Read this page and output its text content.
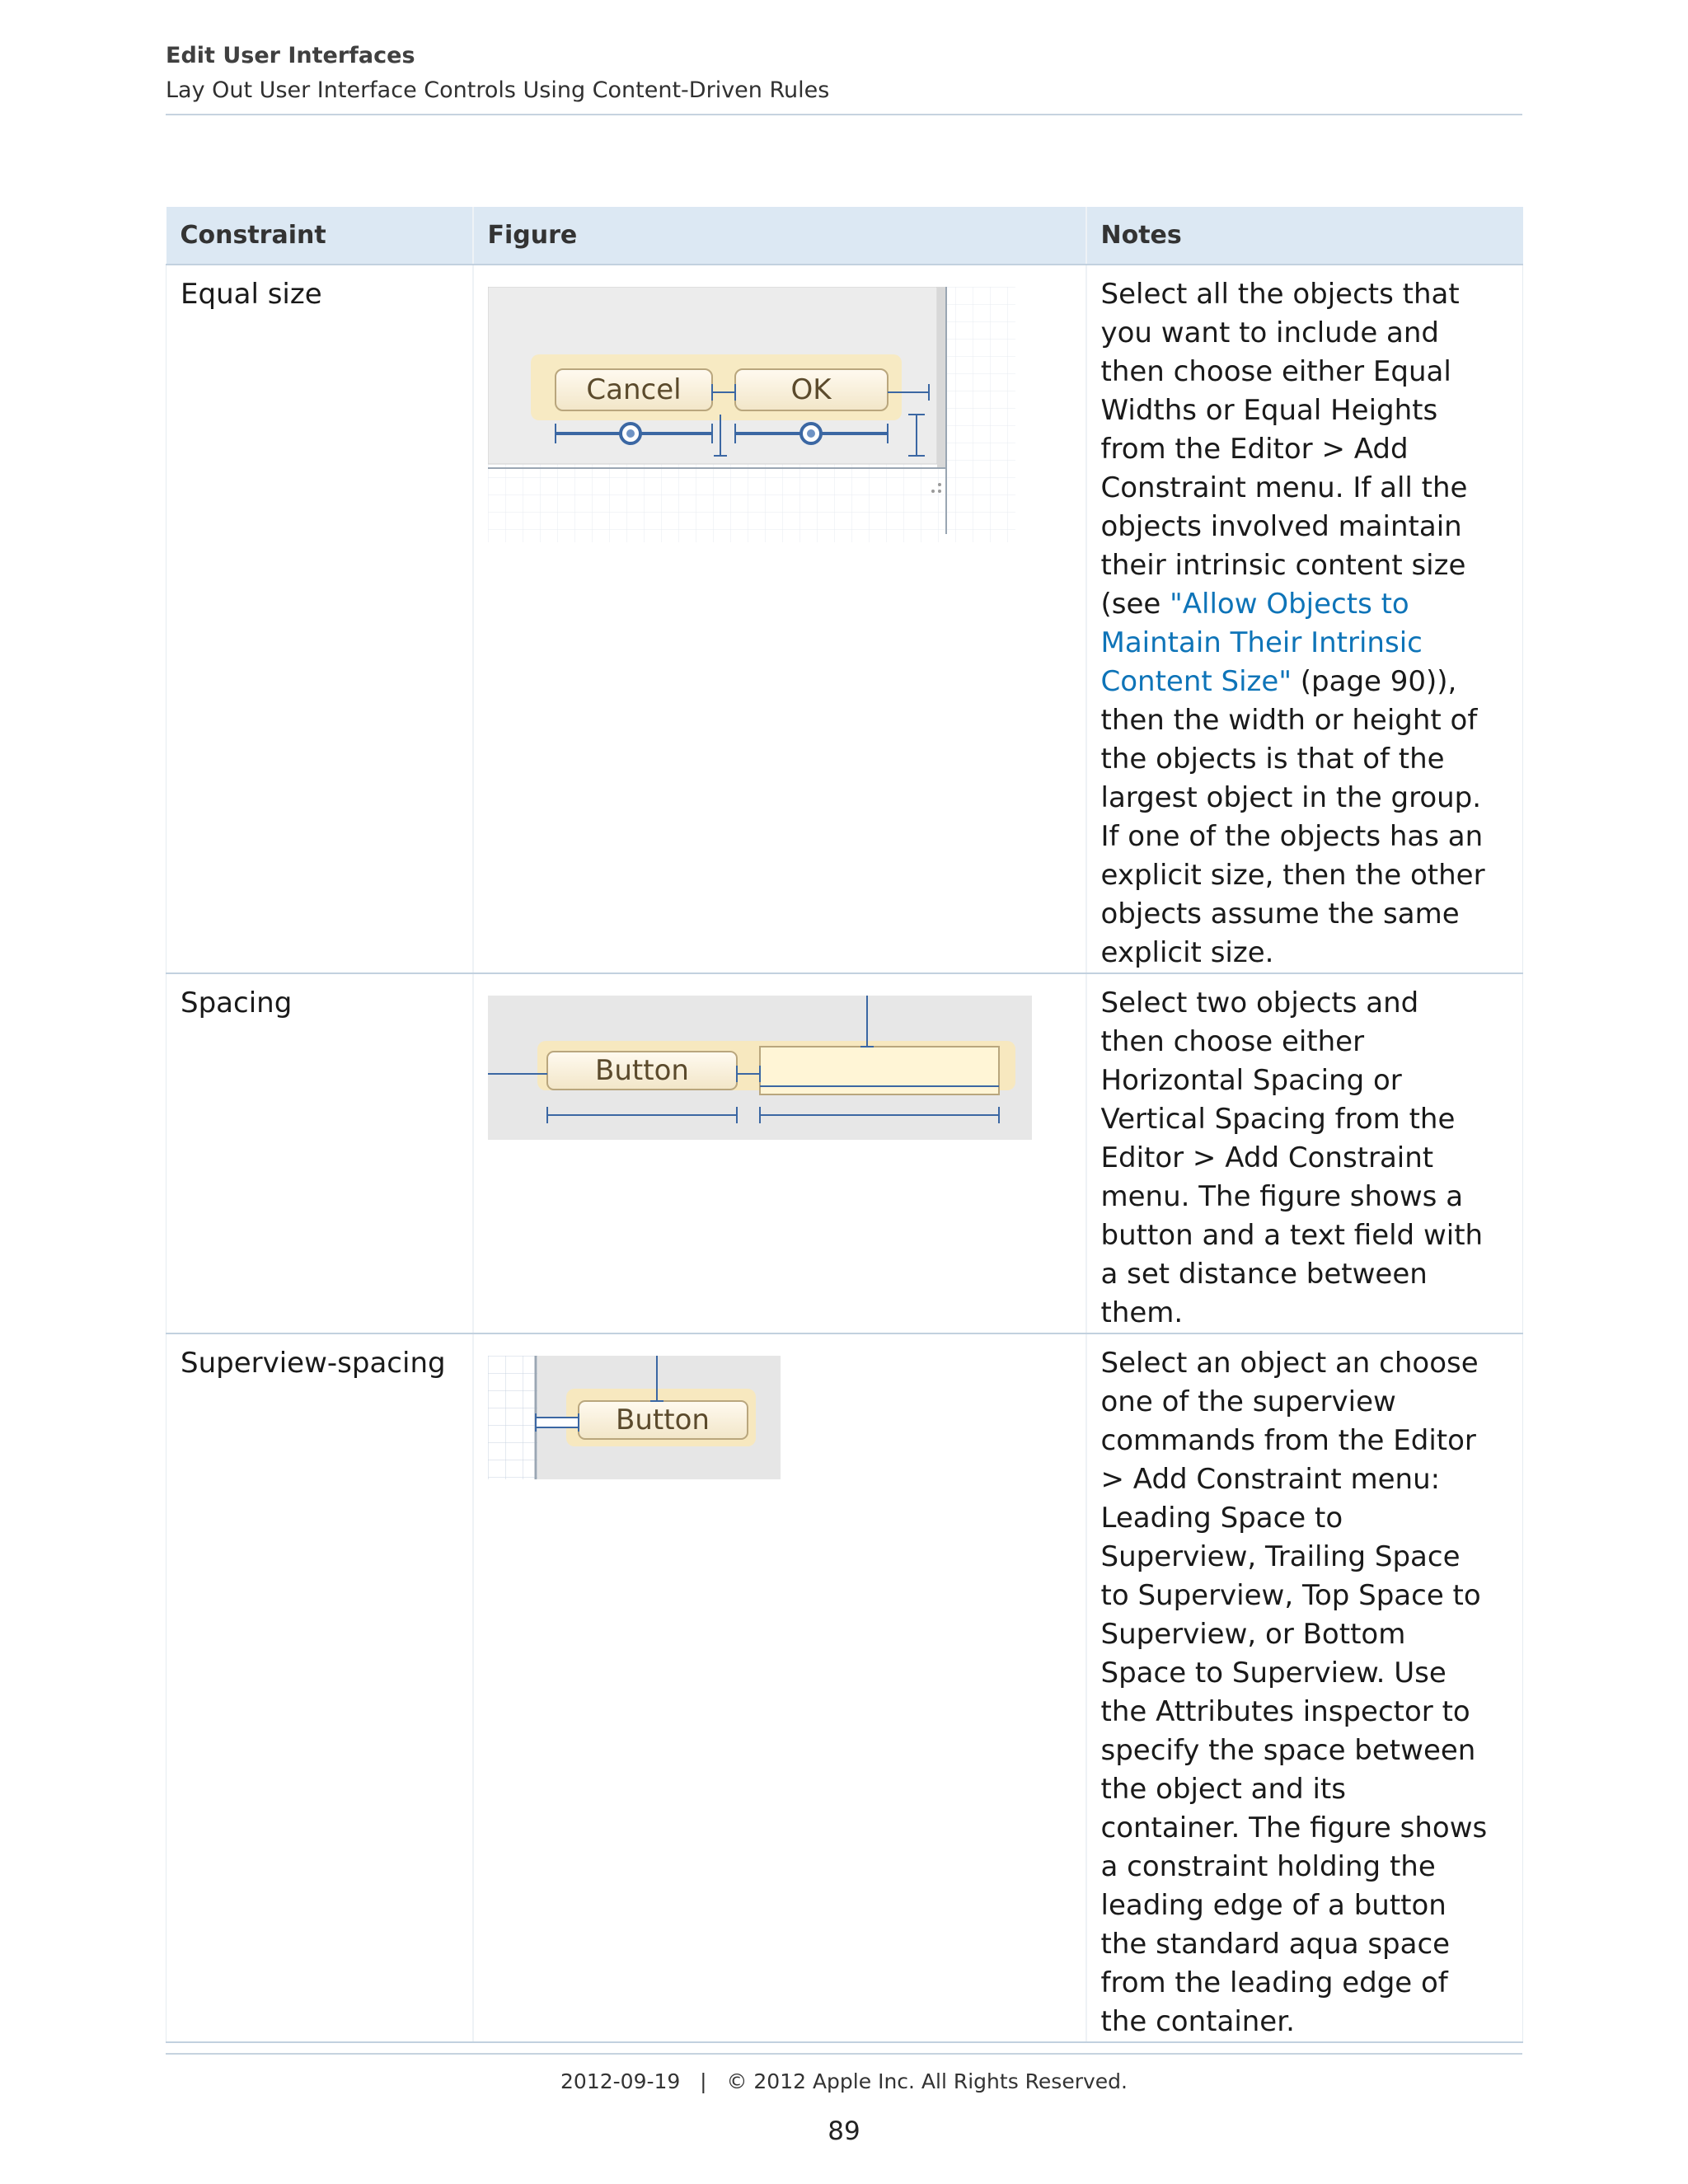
Edit User Interfaces
Lay Out User Interface Controls Using Content-Driven Rules
Constraint	Figure	Notes
Equal size	Cancel OK	Select all the objects that you want to include and then choose either Equal Widths or Equal Heights from the Editor > Add Constraint menu. If all the objects involved maintain their intrinsic content size (see "Allow Objects to Maintain Their Intrinsic Content Size" (page 90)), then the width or height of the objects is that of the largest object in the group. If one of the objects has an explicit size, then the other objects assume the same explicit size.
Spacing	Button	Select two objects and then choose either Horizontal Spacing or Vertical Spacing from the Editor > Add Constraint menu. The figure shows a button and a text field with a set distance between them.
Superview-spacing	Button	Select an object an choose one of the superview commands from the Editor > Add Constraint menu: Leading Space to Superview, Trailing Space to Superview, Top Space to Superview, or Bottom Space to Superview. Use the Attributes inspector to specify the space between the object and its container. The figure shows a constraint holding the leading edge of a button the standard aqua space from the leading edge of the container.
2012-09-19 | © 2012 Apple Inc. All Rights Reserved.
89
